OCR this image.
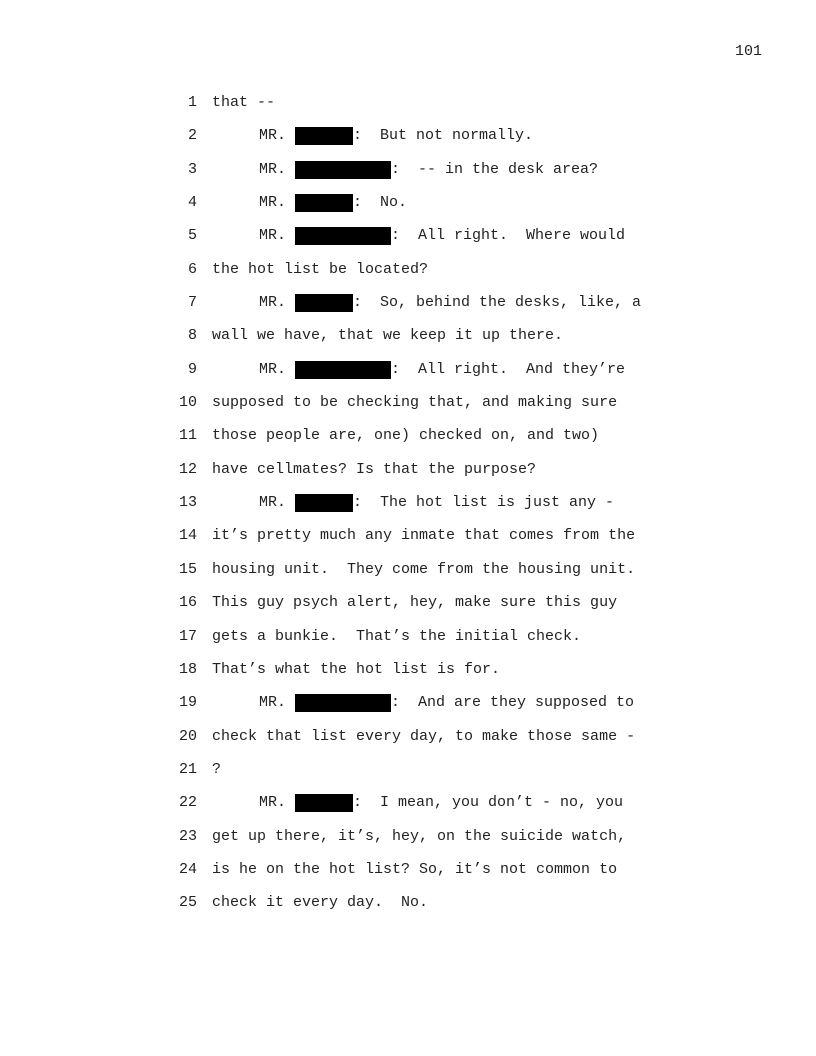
101
1 that --
2	MR.	:  But not normally.
3	MR.	:  -- in the desk area?
4	MR.	:  No.
5	MR.	:  All right.  Where would
6 the hot list be located?
7	MR.	:  So, behind the desks, like, a
8 wall we have, that we keep it up there.
9	MR.	:  All right.  And they’re
10 supposed to be checking that, and making sure
11 those people are, one) checked on, and two)
12 have cellmates? Is that the purpose?
13	MR.	:  The hot list is just any -
14 it’s pretty much any inmate that comes from the
15 housing unit.  They come from the housing unit.
16 This guy psych alert, hey, make sure this guy
17 gets a bunkie.  That’s the initial check.
18 That’s what the hot list is for.
19	MR.	:  And are they supposed to
20 check that list every day, to make those same -
21 ?
22	MR.	:  I mean, you don’t - no, you
23 get up there, it’s, hey, on the suicide watch,
24 is he on the hot list? So, it’s not common to
25 check it every day.  No.
